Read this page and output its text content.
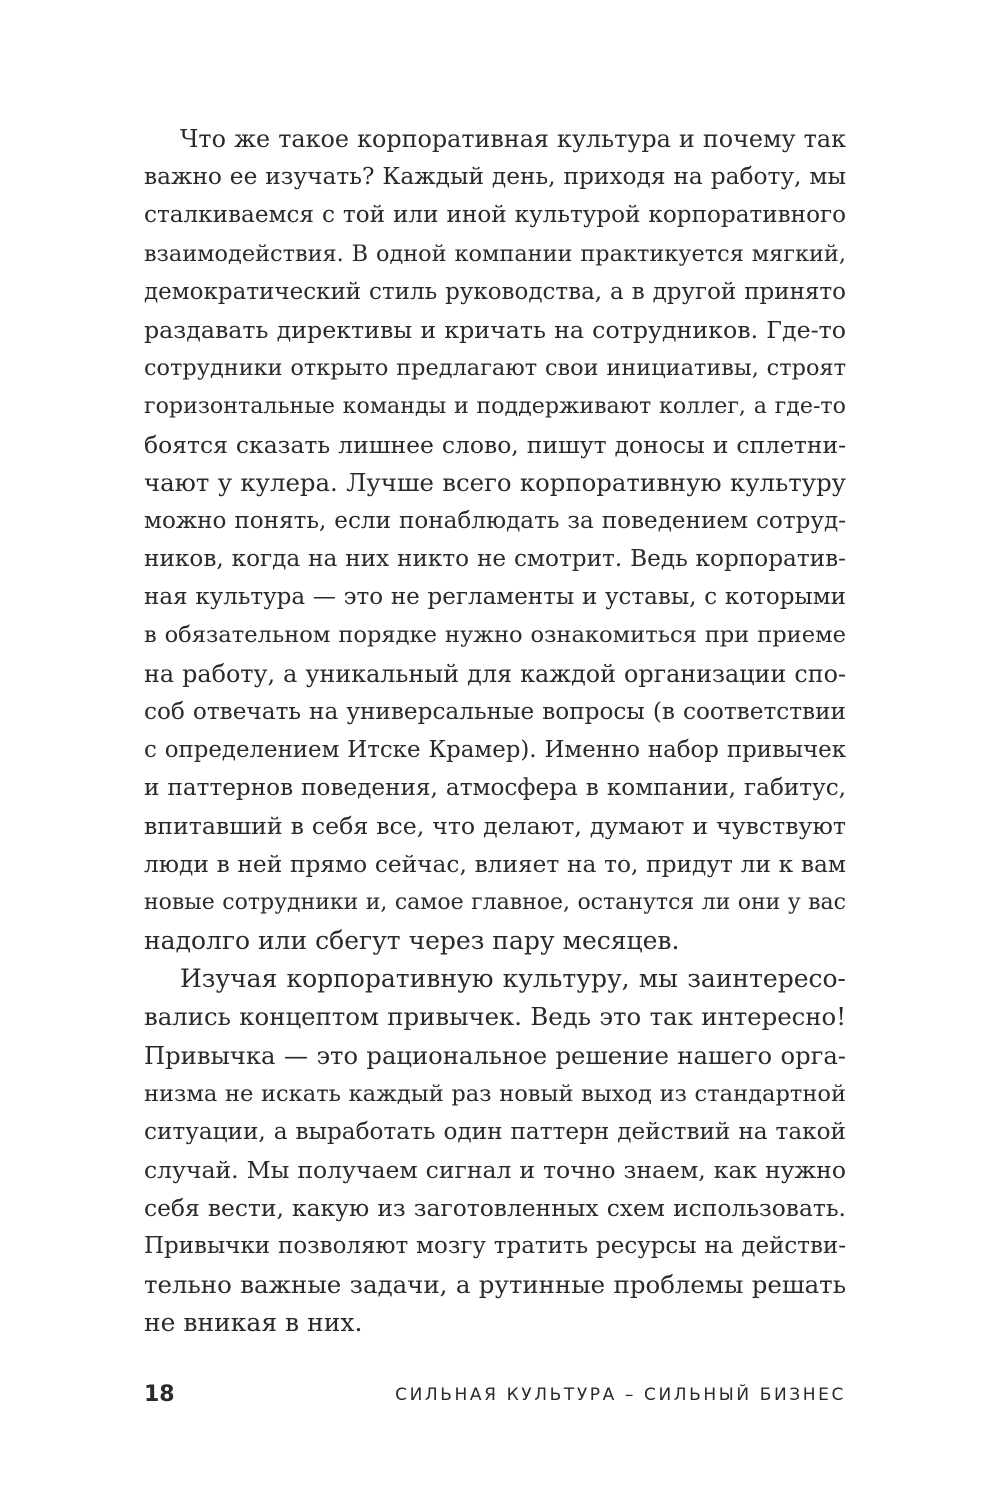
Что же такое корпоративная культура и почему так
важно ее изучать? Каждый день, приходя на работу, мы
сталкиваемся с той или иной культурой корпоративного
взаимодействия. В одной компании практикуется мягкий,
демократический стиль руководства, а в другой принято
раздавать директивы и кричать на сотрудников. Где-то
сотрудники открыто предлагают свои инициативы, строят
горизонтальные команды и поддерживают коллег, а где-то
боятся сказать лишнее слово, пишут доносы и сплетни-
чают у кулера. Лучше всего корпоративную культуру
можно понять, если понаблюдать за поведением сотруд-
ников, когда на них никто не смотрит. Ведь корпоратив-
ная культура — это не регламенты и уставы, с которыми
в обязательном порядке нужно ознакомиться при приеме
на работу, а уникальный для каждой организации спо-
соб отвечать на универсальные вопросы (в соответствии
с определением Итске Крамер). Именно набор привычек
и паттернов поведения, атмосфера в компании, габитус,
впитавший в себя все, что делают, думают и чувствуют
люди в ней прямо сейчас, влияет на то, придут ли к вам
новые сотрудники и, самое главное, останутся ли они у вас
надолго или сбегут через пару месяцев.
Изучая корпоративную культуру, мы заинтересо-
вались концептом привычек. Ведь это так интересно!
Привычка — это рациональное решение нашего орга-
низма не искать каждый раз новый выход из стандартной
ситуации, а выработать один паттерн действий на такой
случай. Мы получаем сигнал и точно знаем, как нужно
себя вести, какую из заготовленных схем использовать.
Привычки позволяют мозгу тратить ресурсы на действи-
тельно важные задачи, а рутинные проблемы решать
не вникая в них.
18	СИЛЬНАЯ КУЛЬТУРА – СИЛЬНЫЙ БИЗНЕС
